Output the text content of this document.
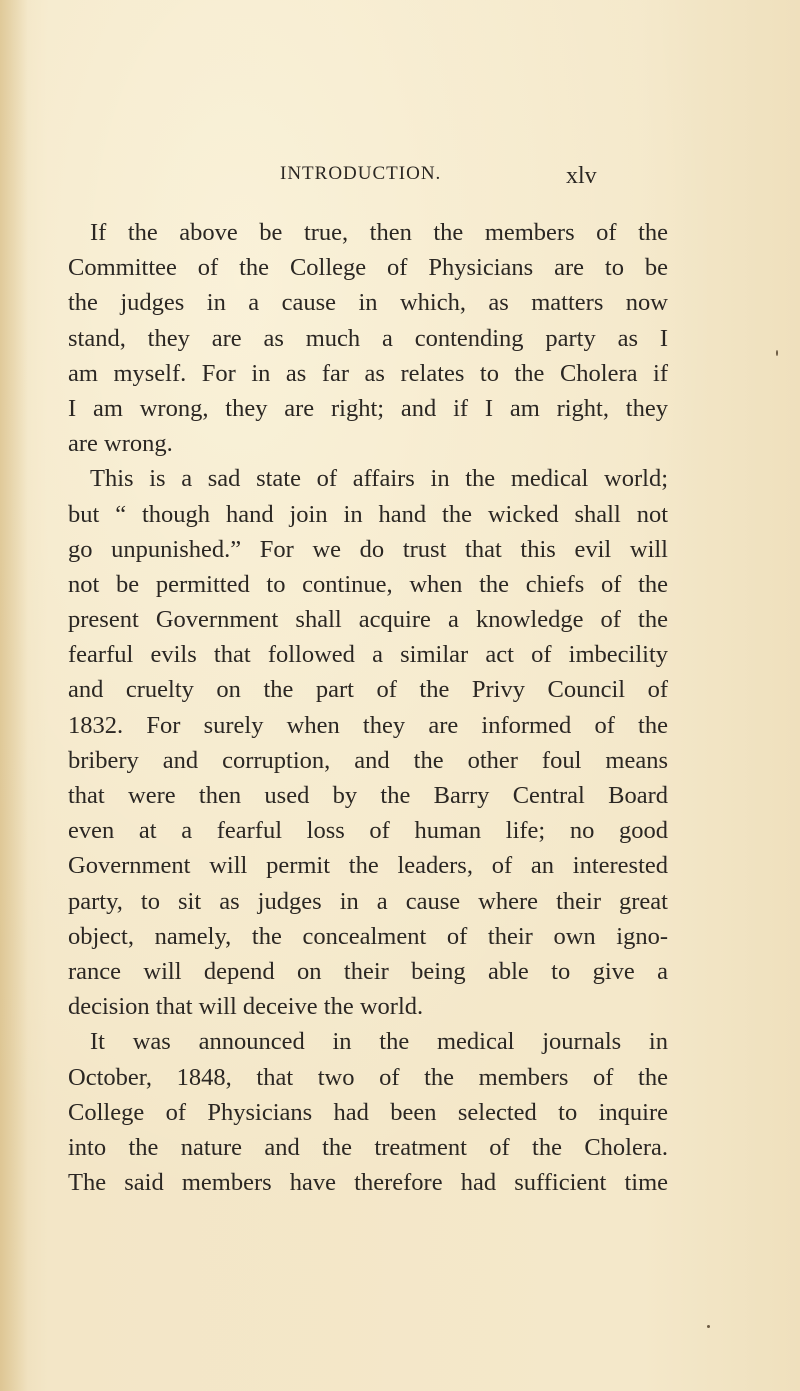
INTRODUCTION.	xlv
If the above be true, then the members of the
Committee of the College of Physicians are to be
the judges in a cause in which, as matters now
stand, they are as much a contending party as I
am myself. For in as far as relates to the Cholera if
I am wrong, they are right; and if I am right, they
are wrong.
This is a sad state of affairs in the medical world;
but “ though hand join in hand the wicked shall not
go unpunished.” For we do trust that this evil will
not be permitted to continue, when the chiefs of the
present Government shall acquire a knowledge of the
fearful evils that followed a similar act of imbecility
and cruelty on the part of the Privy Council of
1832. For surely when they are informed of the
bribery and corruption, and the other foul means
that were then used by the Barry Central Board
even at a fearful loss of human life; no good
Government will permit the leaders, of an interested
party, to sit as judges in a cause where their great
object, namely, the concealment of their own igno-
rance will depend on their being able to give a
decision that will deceive the world.
It was announced in the medical journals in
October, 1848, that two of the members of the
College of Physicians had been selected to inquire
into the nature and the treatment of the Cholera.
The said members have therefore had sufficient time
